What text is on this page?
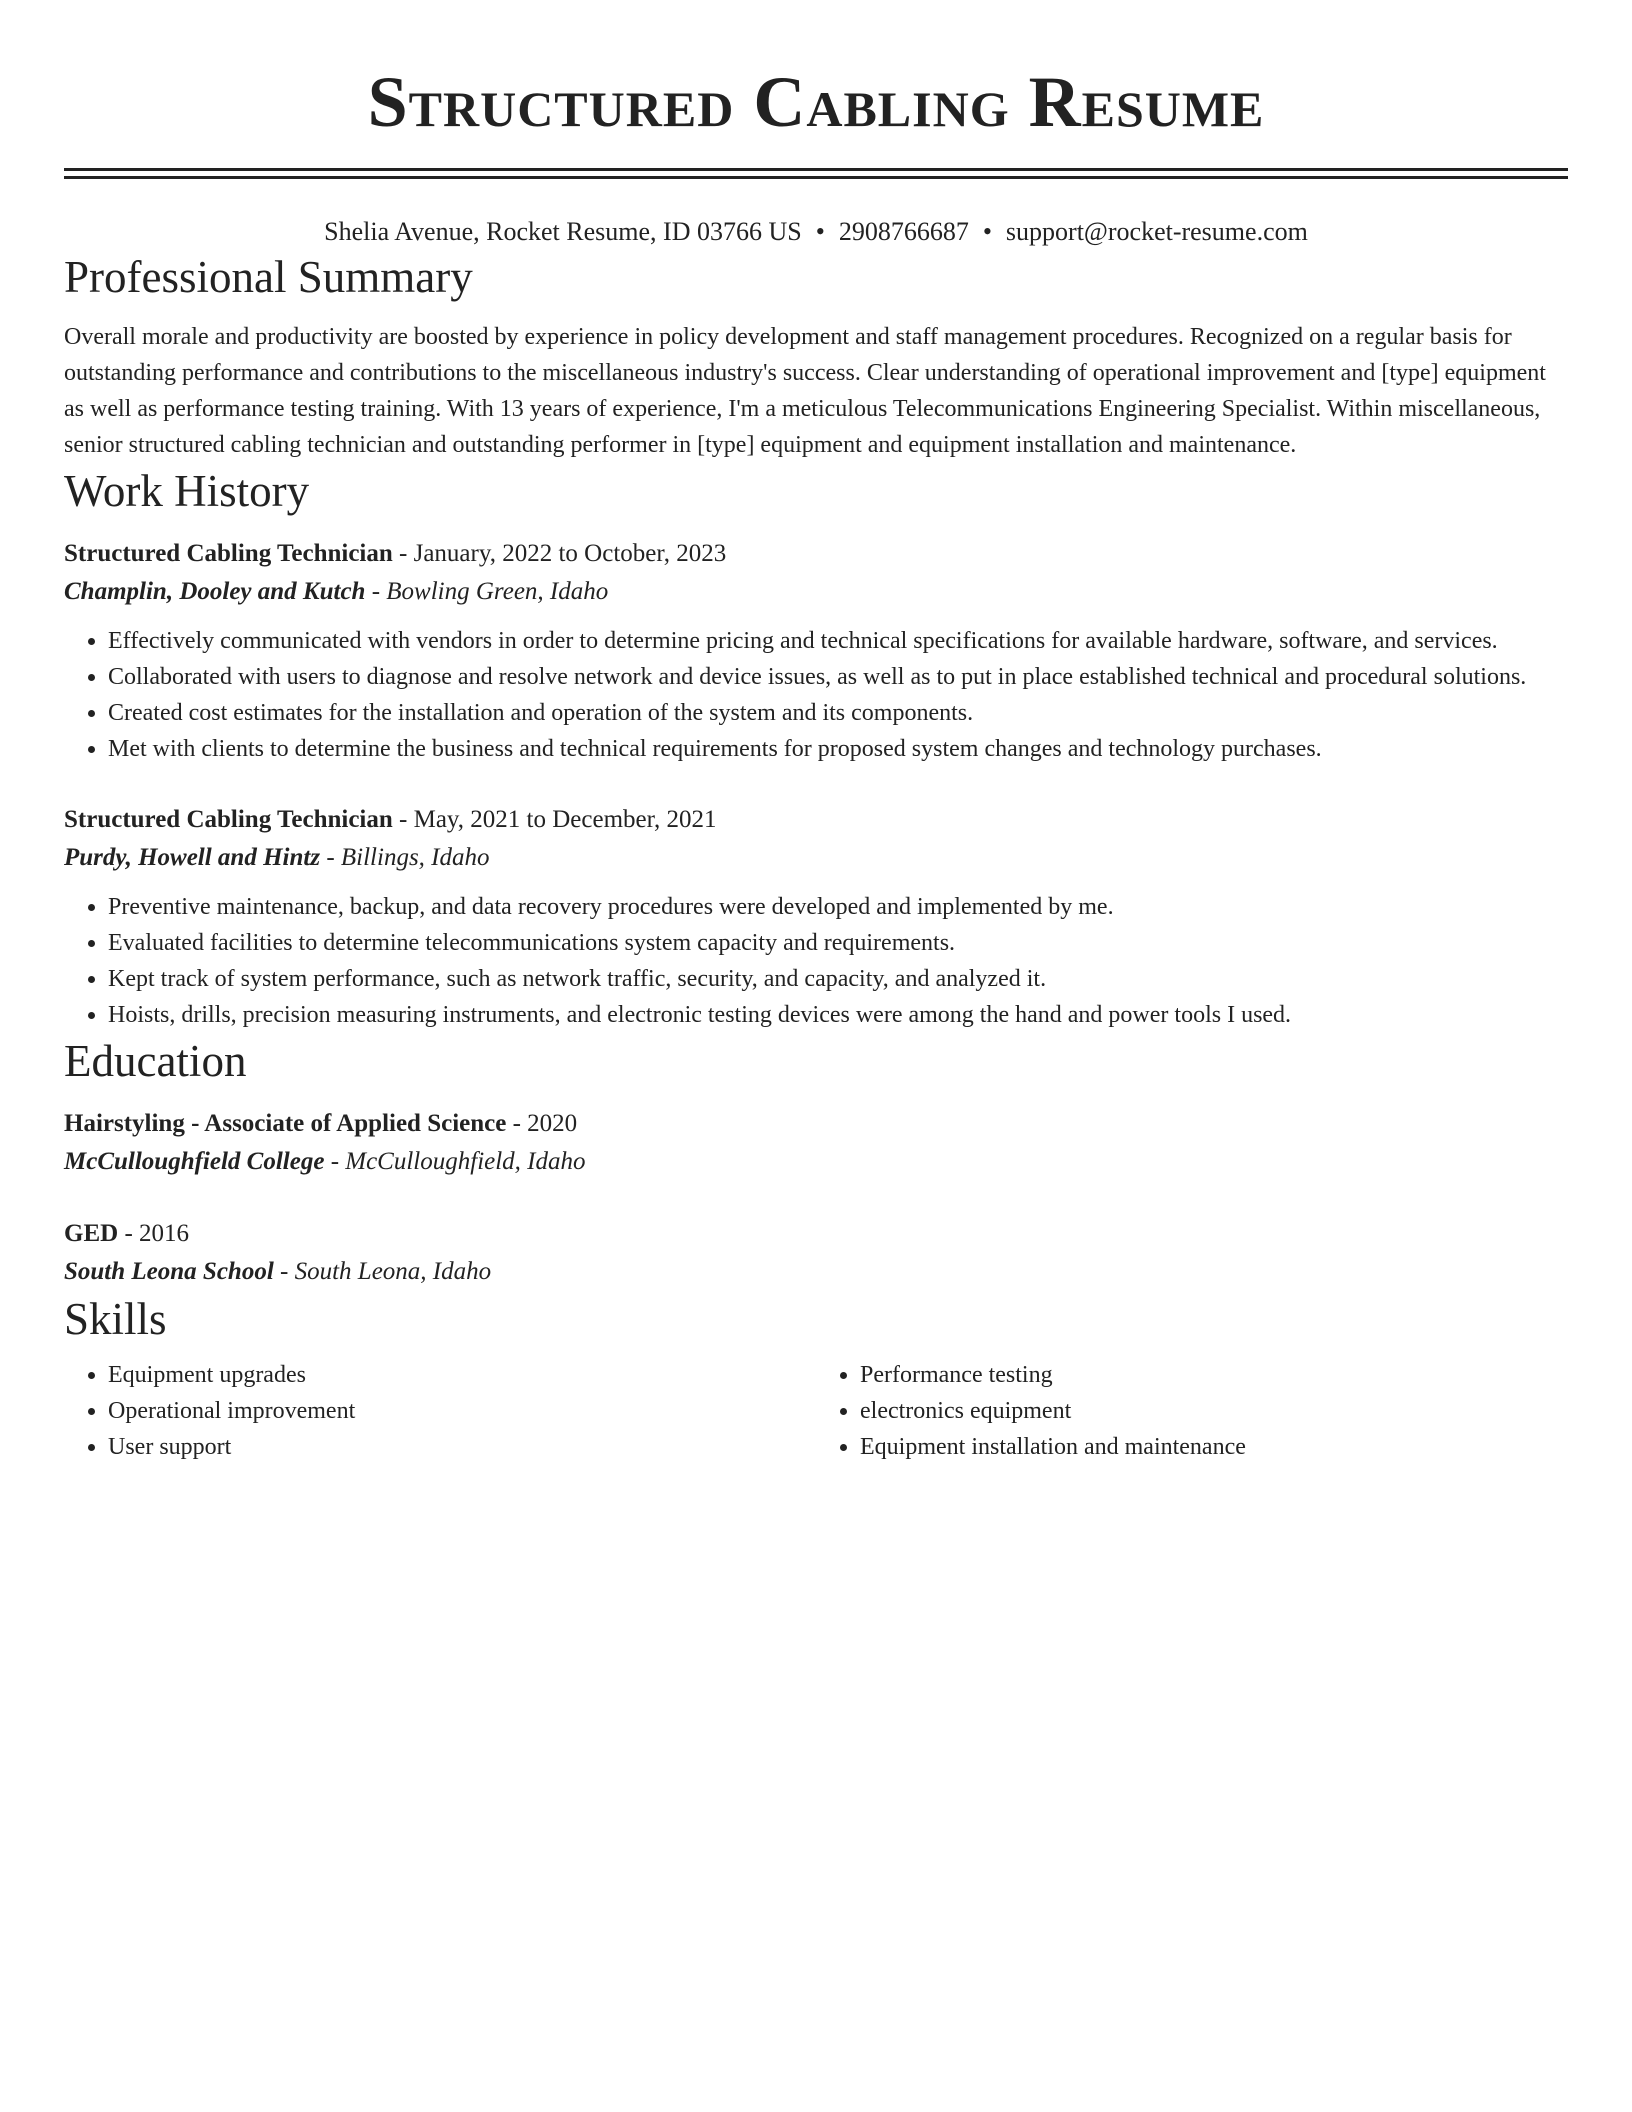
Structured Cabling Resume
Shelia Avenue, Rocket Resume, ID 03766 US • 2908766687 • support@rocket-resume.com
Professional Summary
Overall morale and productivity are boosted by experience in policy development and staff management procedures. Recognized on a regular basis for outstanding performance and contributions to the miscellaneous industry's success. Clear understanding of operational improvement and [type] equipment as well as performance testing training. With 13 years of experience, I'm a meticulous Telecommunications Engineering Specialist. Within miscellaneous, senior structured cabling technician and outstanding performer in [type] equipment and equipment installation and maintenance.
Work History
Structured Cabling Technician - January, 2022 to October, 2023
Champlin, Dooley and Kutch - Bowling Green, Idaho
• Effectively communicated with vendors in order to determine pricing and technical specifications for available hardware, software, and services.
• Collaborated with users to diagnose and resolve network and device issues, as well as to put in place established technical and procedural solutions.
• Created cost estimates for the installation and operation of the system and its components.
• Met with clients to determine the business and technical requirements for proposed system changes and technology purchases.
Structured Cabling Technician - May, 2021 to December, 2021
Purdy, Howell and Hintz - Billings, Idaho
• Preventive maintenance, backup, and data recovery procedures were developed and implemented by me.
• Evaluated facilities to determine telecommunications system capacity and requirements.
• Kept track of system performance, such as network traffic, security, and capacity, and analyzed it.
• Hoists, drills, precision measuring instruments, and electronic testing devices were among the hand and power tools I used.
Education
Hairstyling - Associate of Applied Science - 2020
McCulloughfield College - McCulloughfield, Idaho
GED - 2016
South Leona School - South Leona, Idaho
Skills
• Equipment upgrades
• Operational improvement
• User support
• Performance testing
• electronics equipment
• Equipment installation and maintenance
